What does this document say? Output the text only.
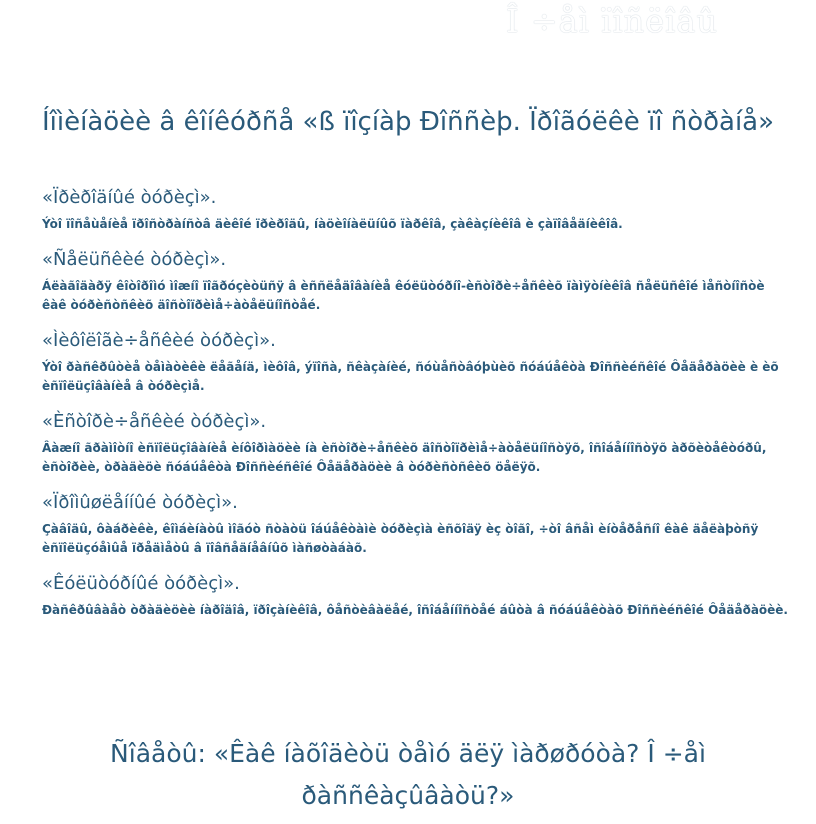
Î ÷åì ïîñëîâû
Íîìèíàöèè â êîíêóðñå «ß ïîçíàþ Ðîññèþ. Ïðîãóëêè ïî ñòðàíå»
«Ïðèðîäíûé òóðèçì».

Ýòî ïîñåùåíèå ïðîñòðàíñòâ äèêîé ïðèðîäû, íàöèîíàëüíûõ ïàðêîâ, çàêàçíèêîâ è çàïîâåäíèêîâ.

«Ñåëüñêèé òóðèçì».

Áëàãîäàðÿ êîòîðîìó ìîæíî ïîãðóçèòüñÿ â èññëåäîâàíèå êóëüòóðíî-èñòîðè÷åñêèõ ïàìÿòíèêîâ ñåëüñêîé ìåñòíîñòè êàê òóðèñòñêèõ äîñòîïðèìå÷àòåëüíîñòåé.

«Ìèôîëîãè÷åñêèé òóðèçì».

Ýòî ðàñêðûòèå òåìàòèêè ëåãåíä, ìèôîâ, ýïîñà, ñêàçàíèé, ñóùåñòâóþùèõ ñóáúåêòà Ðîññèéñêîé Ôåäåðàöèè è èõ èñïîëüçîâàíèå â òóðèçìå.

«Èñòîðè÷åñêèé òóðèçì».

Âàæíî ãðàìîòíî èñïîëüçîâàíèå èíôîðìàöèè íà èñòîðè÷åñêèõ äîñòîïðèìå÷àòåëüíîñòÿõ, îñîáåííîñòÿõ àðõèòåêòóðû, èñòîðèè, òðàäèöè ñóáúåêòà Ðîññèéñêîé Ôåäåðàöèè â òóðèñòñêèõ öåëÿõ.

«Ïðîìûøëåííûé òóðèçì».

Çàâîäû, ôàáðèêè, êîìáèíàòû ìîãóò ñòàòü îáúåêòàìè òóðèçìà èñõîäÿ èç òîãî, ÷òî âñåì èíòåðåñíî êàê äåëàþòñÿ èñïîëüçóåìûå ïðåäìåòû â ïîâñåäíåâíûõ ìàñøòàáàõ.

«Êóëüòóðíûé òóðèçì».

Ðàñêðûâàåò òðàäèöèè íàðîäîâ, ïðîçàíèêîâ, ôåñòèâàëåé, îñîáåííîñòåé áûòà â ñóáúåêòàõ Ðîññèéñêîé Ôåäåðàöèè.

Ñîâåòû: «Êàê íàõîäèòü òåìó äëÿ ìàðøðóòà? Î ÷åì ðàññêàçûâàòü?»
